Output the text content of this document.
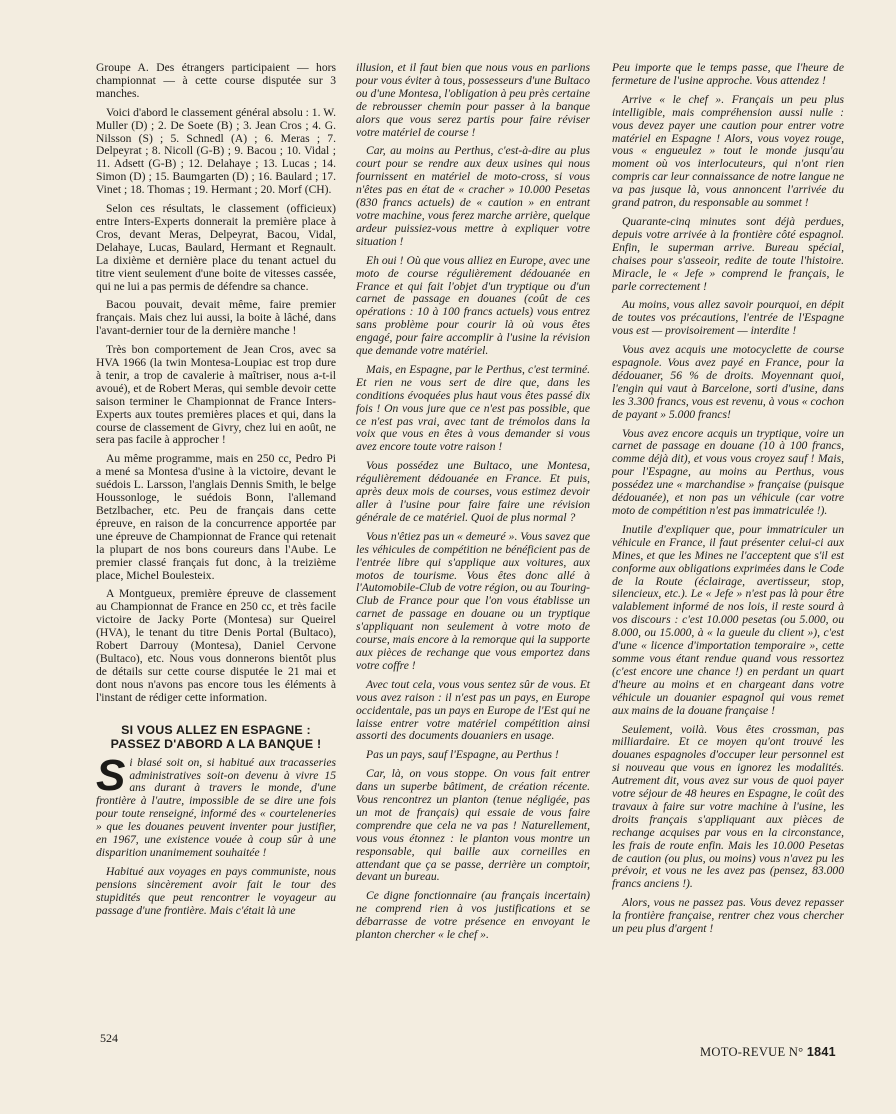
Groupe A. Des étrangers participaient — hors championnat — à cette course disputée sur 3 manches.

Voici d'abord le classement général absolu : 1. W. Muller (D) ; 2. De Soete (B) ; 3. Jean Cros ; 4. G. Nilsson (S) ; 5. Schnedl (A) ; 6. Meras ; 7. Delpeyrat ; 8. Nicoll (G-B) ; 9. Bacou ; 10. Vidal ; 11. Adsett (G-B) ; 12. Delahaye ; 13. Lucas ; 14. Simon (D) ; 15. Baumgarten (D) ; 16. Baulard ; 17. Vinet ; 18. Thomas ; 19. Hermant ; 20. Morf (CH).

Selon ces résultats, le classement (officieux) entre Inters-Experts donnerait la première place à Cros, devant Meras, Delpeyrat, Bacou, Vidal, Delahaye, Lucas, Baulard, Hermant et Regnault. La dixième et dernière place du tenant actuel du titre vient seulement d'une boite de vitesses cassée, qui ne lui a pas permis de défendre sa chance.

Bacou pouvait, devait même, faire premier français. Mais chez lui aussi, la boite à lâché, dans l'avant-dernier tour de la dernière manche !

Très bon comportement de Jean Cros, avec sa HVA 1966 (la twin Montesa-Loupiac est trop dure à tenir, a trop de cavalerie à maîtriser, nous a-t-il avoué), et de Robert Meras, qui semble devoir cette saison terminer le Championnat de France Inters-Experts aux toutes premières places et qui, dans la course de classement de Givry, chez lui en août, ne sera pas facile à approcher !

Au même programme, mais en 250 cc, Pedro Pi a mené sa Montesa d'usine à la victoire, devant le suédois L. Larsson, l'anglais Dennis Smith, le belge Houssonloge, le suédois Bonn, l'allemand Betzlbacher, etc. Peu de français dans cette épreuve, en raison de la concurrence apportée par une épreuve de Championnat de France qui retenait la plupart de nos bons coureurs dans l'Aube. Le premier classé français fut donc, à la treizième place, Michel Boulesteix.

A Montgueux, première épreuve de classement au Championnat de France en 250 cc, et très facile victoire de Jacky Porte (Montesa) sur Queirel (HVA), le tenant du titre Denis Portal (Bultaco), Robert Darrouy (Montesa), Daniel Cervone (Bultaco), etc. Nous vous donnerons bientôt plus de détails sur cette course disputée le 21 mai et dont nous n'avons pas encore tous les éléments à l'instant de rédiger cette information.

SI VOUS ALLEZ EN ESPAGNE :
PASSEZ D'ABORD A LA BANQUE !

Si blasé soit on, si habitué aux tracasseries administratives soit-on devenu à vivre 15 ans durant à travers le monde, d'une frontière à l'autre, impossible de se dire une fois pour toute renseigné, informé des « courteleneries » que les douanes peuvent inventer pour justifier, en 1967, une existence vouée à coup sûr à une disparition unanimement souhaitée !

Habitué aux voyages en pays communiste, nous pensions sincèrement avoir fait le tour des stupidités que peut rencontrer le voyageur au passage d'une frontière. Mais c'était là une

illusion, et il faut bien que nous vous en parlions pour vous éviter à tous, possesseurs d'une Bultaco ou d'une Montesa, l'obligation à peu près certaine de rebrousser chemin pour passer à la banque alors que vous serez partis pour faire réviser votre matériel de course !

Car, au moins au Perthus, c'est-à-dire au plus court pour se rendre aux deux usines qui nous fournissent en matériel de moto-cross, si vous n'êtes pas en état de « cracher » 10.000 Pesetas (830 francs actuels) de « caution » en entrant votre machine, vous ferez marche arrière, quelque ardeur puissiez-vous mettre à expliquer votre situation !

Eh oui ! Où que vous alliez en Europe, avec une moto de course régulièrement dédouanée en France et qui fait l'objet d'un tryptique ou d'un carnet de passage en douanes (coût de ces opérations : 10 à 100 francs actuels) vous entrez sans problème pour courir là où vous êtes engagé, pour faire accomplir à l'usine la révision que demande votre matériel.

Mais, en Espagne, par le Perthus, c'est terminé. Et rien ne vous sert de dire que, dans les conditions évoquées plus haut vous êtes passé dix fois ! On vous jure que ce n'est pas possible, que ce n'est pas vrai, avec tant de trémolos dans la voix que vous en êtes à vous demander si vous avez encore toute votre raison !

Vous possédez une Bultaco, une Montesa, régulièrement dédouanée en France. Et puis, après deux mois de courses, vous estimez devoir aller à l'usine pour faire faire une révision générale de ce matériel. Quoi de plus normal ?

Vous n'êtiez pas un « demeuré ». Vous savez que les véhicules de compétition ne bénéficient pas de l'entrée libre qui s'applique aux voitures, aux motos de tourisme. Vous êtes donc allé à l'Automobile-Club de votre région, ou au Touring-Club de France pour que l'on vous établisse un carnet de passage en douane ou un tryptique s'appliquant non seulement à votre moto de course, mais encore à la remorque qui la supporte aux pièces de rechange que vous emportez dans votre coffre !

Avec tout cela, vous vous sentez sûr de vous. Et vous avez raison : il n'est pas un pays, en Europe occidentale, pas un pays en Europe de l'Est qui ne laisse entrer votre matériel compétition ainsi assorti des documents douaniers en usage.

Pas un pays, sauf l'Espagne, au Perthus !

Car, là, on vous stoppe. On vous fait entrer dans un superbe bâtiment, de création récente. Vous rencontrez un planton (tenue négligée, pas un mot de français) qui essaie de vous faire comprendre que cela ne va pas ! Naturellement, vous vous étonnez : le planton vous montre un responsable, qui baille aux corneilles en attendant que ça se passe, derrière un comptoir, devant un bureau.

Ce digne fonctionnaire (au français incertain) ne comprend rien à vos justifications et se débarrasse de votre présence en envoyant le planton chercher « le chef ».

Peu importe que le temps passe, que l'heure de fermeture de l'usine approche. Vous attendez !

Arrive « le chef ». Français un peu plus intelligible, mais compréhension aussi nulle : vous devez payer une caution pour entrer votre matériel en Espagne ! Alors, vous voyez rouge, vous « engueulez » tout le monde jusqu'au moment où vos interlocuteurs, qui n'ont rien compris car leur connaissance de notre langue ne va pas jusque là, vous annoncent l'arrivée du grand patron, du responsable au sommet !

Quarante-cinq minutes sont déjà perdues, depuis votre arrivée à la frontière côté espagnol. Enfin, le superman arrive. Bureau spécial, chaises pour s'asseoir, redite de toute l'histoire. Miracle, le « Jefe » comprend le français, le parle correctement !

Au moins, vous allez savoir pourquoi, en dépit de toutes vos précautions, l'entrée de l'Espagne vous est — provisoirement — interdite !

Vous avez acquis une motocyclette de course espagnole. Vous avez payé en France, pour la dédouaner, 56 % de droits. Moyennant quoi, l'engin qui vaut à Barcelone, sorti d'usine, dans les 3.300 francs, vous est revenu, à vous « cochon de payant » 5.000 francs!

Vous avez encore acquis un tryptique, voire un carnet de passage en douane (10 à 100 francs, comme déjà dit), et vous vous croyez sauf ! Mais, pour l'Espagne, au moins au Perthus, vous possédez une « marchandise » française (puisque dédouanée), et non pas un véhicule (car votre moto de compétition n'est pas immatriculée !).

Inutile d'expliquer que, pour immatriculer un véhicule en France, il faut présenter celui-ci aux Mines, et que les Mines ne l'acceptent que s'il est conforme aux obligations exprimées dans le Code de la Route (éclairage, avertisseur, stop, silencieux, etc.). Le « Jefe » n'est pas là pour être valablement informé de nos lois, il reste sourd à vos discours : c'est 10.000 pesetas (ou 5.000, ou 8.000, ou 15.000, à « la gueule du client »), c'est d'une « licence d'importation temporaire », cette somme vous étant rendue quand vous ressortez (c'est encore une chance !) en perdant un quart d'heure au moins et en chargeant dans votre véhicule un douanier espagnol qui vous remet aux mains de la douane française !

Seulement, voilà. Vous êtes crossman, pas milliardaire. Et ce moyen qu'ont trouvé les douanes espagnoles d'occuper leur personnel est si nouveau que vous en ignorez les modalités. Autrement dit, vous avez sur vous de quoi payer votre séjour de 48 heures en Espagne, le coût des travaux à faire sur votre machine à l'usine, les droits français s'appliquant aux pièces de rechange acquises par vous en la circonstance, les frais de route enfin. Mais les 10.000 Pesetas de caution (ou plus, ou moins) vous n'avez pu les prévoir, et vous ne les avez pas (pensez, 83.000 francs anciens !).

Alors, vous ne passez pas. Vous devez repasser la frontière française, rentrer chez vous chercher un peu plus d'argent !

524
MOTO-REVUE N° 1841
